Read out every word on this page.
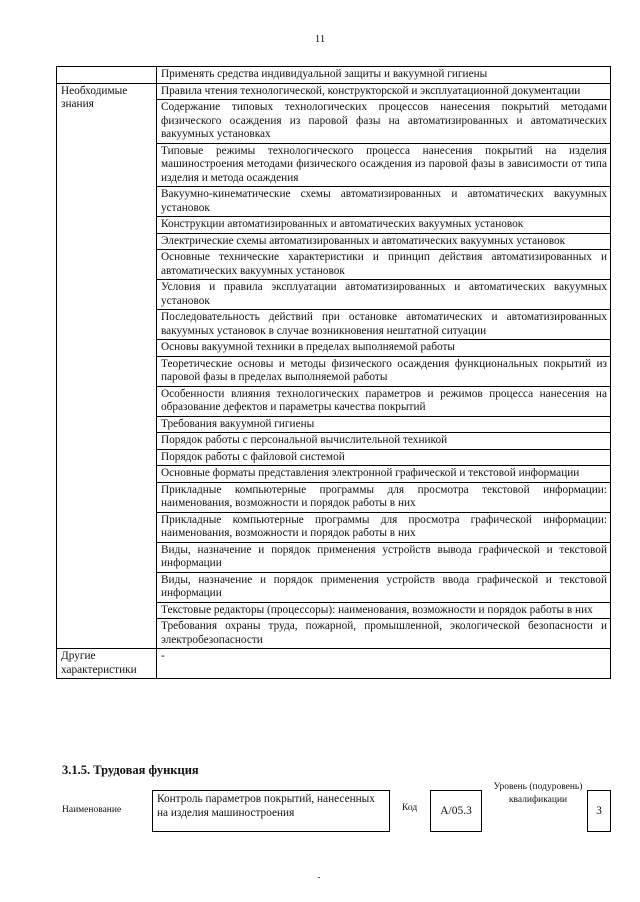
11
	Применять средства индивидуальной защиты и вакуумной гигиены
Необходимые знания	Правила чтения технологической, конструкторской и эксплуатационной документации
	Содержание типовых технологических процессов нанесения покрытий методами физического осаждения из паровой фазы на автоматизированных и автоматических вакуумных установках
	Типовые режимы технологического процесса нанесения покрытий на изделия машиностроения методами физического осаждения из паровой фазы в зависимости от типа изделия и метода осаждения
	Вакуумно-кинематические схемы автоматизированных и автоматических вакуумных установок
	Конструкции автоматизированных и автоматических вакуумных установок
	Электрические схемы автоматизированных и автоматических вакуумных установок
	Основные технические характеристики и принцип действия автоматизированных и автоматических вакуумных установок
	Условия и правила эксплуатации автоматизированных и автоматических вакуумных установок
	Последовательность действий при остановке автоматических и автоматизированных вакуумных установок в случае возникновения нештатной ситуации
	Основы вакуумной техники в пределах выполняемой работы
	Теоретические основы и методы физического осаждения функциональных покрытий из паровой фазы в пределах выполняемой работы
	Особенности влияния технологических параметров и режимов процесса нанесения на образование дефектов и параметры качества покрытий
	Требования вакуумной гигиены
	Порядок работы с персональной вычислительной техникой
	Порядок работы с файловой системой
	Основные форматы представления электронной графической и текстовой информации
	Прикладные компьютерные программы для просмотра текстовой информации: наименования, возможности и порядок работы в них
	Прикладные компьютерные программы для просмотра графической информации: наименования, возможности и порядок работы в них
	Виды, назначение и порядок применения устройств вывода графической и текстовой информации
	Виды, назначение и порядок применения устройств ввода графической и текстовой информации
	Текстовые редакторы (процессоры): наименования, возможности и порядок работы в них
	Требования охраны труда, пожарной, промышленной, экологической безопасности и электробезопасности
Другие характеристики	-
3.1.5. Трудовая функция
Наименование
Контроль параметров покрытий, нанесенных на изделия машиностроения	Код	A/05.3
Уровень (подуровень) квалификации
3
